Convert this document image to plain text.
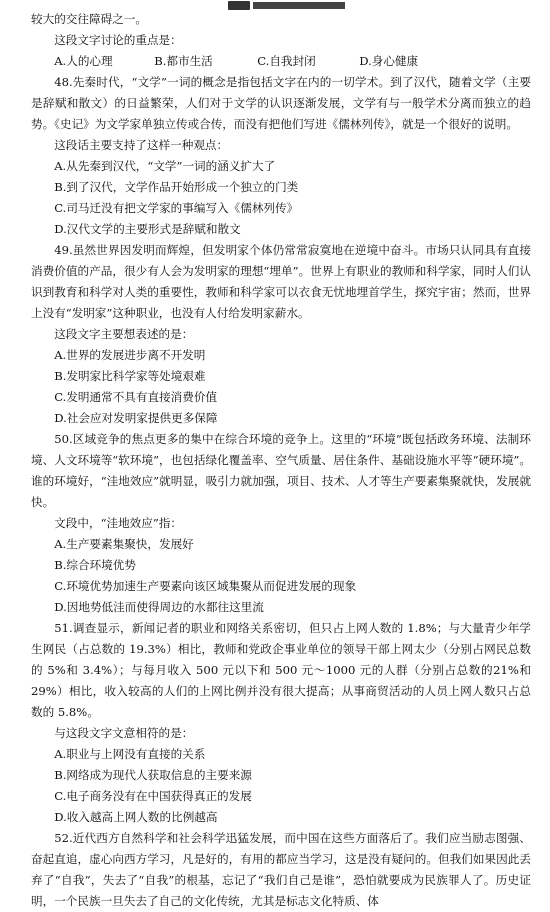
较大的交往障碍之一。
这段文字讨论的重点是：
A.人的心理	B.都市生活	C.自我封闭	D.身心健康

48.先秦时代，“文学”一词的概念是指包括文字在内的一切学术。到了汉代，随着文学（主要是辞赋和散文）的日益繁荣，人们对于文学的认识逐渐发展，文学有与一般学术分离而独立的趋势。《史记》为文学家单独立传或合传，而没有把他们写进《儒林列传》，就是一个很好的说明。

这段话主要支持了这样一种观点：
A.从先秦到汉代，“文学”一词的涵义扩大了
B.到了汉代，文学作品开始形成一个独立的门类
C.司马迁没有把文学家的事编写入《儒林列传》
D.汉代文学的主要形式是辞赋和散文

49.虽然世界因发明而辉煌，但发明家个体仍常常寂寞地在逆境中奋斗。市场只认同具有直接消费价值的产品，很少有人会为发明家的理想“埋单”。世界上有职业的教师和科学家，同时人们认识到教育和科学对人类的重要性，教师和科学家可以衣食无忧地埋首学生，探究宇宙；然而，世界上没有“发明家”这种职业，也没有人付给发明家薪水。

这段文字主要想表述的是：
A.世界的发展进步离不开发明
B.发明家比科学家等处境艰难
C.发明通常不具有直接消费价值
D.社会应对发明家提供更多保障

50.区域竞争的焦点更多的集中在综合环境的竞争上。这里的“环境”既包括政务环境、法制环境、人文环境等“软环境”，也包括绿化覆盖率、空气质量、居住条件、基础设施水平等“硬环境”。谁的环境好，“洼地效应”就明显，吸引力就加强，项目、技术、人才等生产要素集聚就快，发展就快。

文段中，“洼地效应”指：
A.生产要素集聚快，发展好
B.综合环境优势
C.环境优势加速生产要素向该区域集聚从而促进发展的现象
D.因地势低洼而使得周边的水都往这里流

51.调查显示，新闻记者的职业和网络关系密切，但只占上网人数的 1.8%；与大量青少年学生网民（占总数的 19.3%）相比，教师和党政企事业单位的领导干部上网太少（分别占网民总数的 5%和 3.4%）；与每月收入 500 元以下和 500 元～1000 元的人群（分别占总数的21%和 29%）相比，收入较高的人们的上网比例并没有很大提高；从事商贸活动的人员上网人数只占总数的 5.8%。

与这段文字文意相符的是：
A.职业与上网没有直接的关系
B.网络成为现代人获取信息的主要来源
C.电子商务没有在中国获得真正的发展
D.收入越高上网人数的比例越高

52.近代西方自然科学和社会科学迅猛发展，而中国在这些方面落后了。我们应当励志图强、奋起直追，虚心向西方学习，凡是好的，有用的都应当学习，这是没有疑问的。但我们如果因此丢弃了“自我”，失去了“自我”的根基，忘记了“我们自己是谁”，恐怕就要成为民族罪人了。历史证明，一个民族一旦失去了自己的文化传统，尤其是标志文化特质、体
